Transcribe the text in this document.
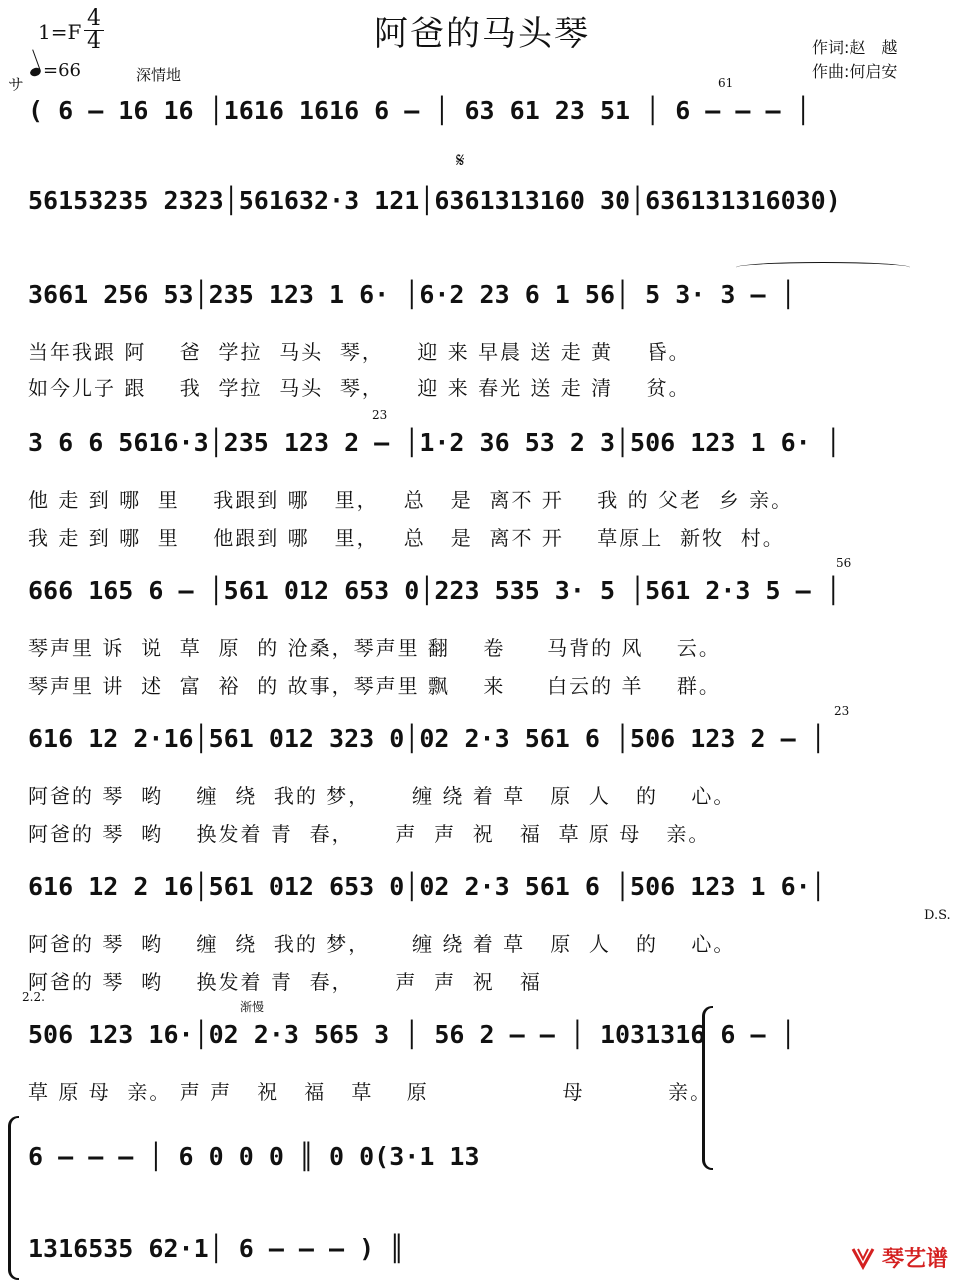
阿爸的马头琴
1=F
4
4
サ
=66	深情地
作词:赵　越
作曲:何启安
( 6 – 16 16 │1616 1616 6 – │ 63 61 23 51 │ 6 – – – │
61
𝄋
56153235 2323│561632·3 121│6361313160 30│636131316030)
3661 256 53│235 123 1 6· │6·2 23 6 1 56│ 5 3· 3 – │
当年我跟 阿    爸  学拉  马头  琴，    迎 来 早晨 送 走 黄    昏。
如今儿子 跟    我  学拉  马头  琴，    迎 来 春光 送 走 清    贫。
3 6 6 5616·3│235 123 2 – │1·2 36 53 2 3│506 123 1 6· │
23
他 走 到 哪  里    我跟到 哪   里，   总   是  离不 开    我 的 父老  乡 亲。
我 走 到 哪  里    他跟到 哪   里，   总   是  离不 开    草原上  新牧  村。
666 165 6 – │561 012 653 0│223 535 3· 5 │561 2·3 5 – │
56
琴声里 诉  说  草  原  的 沧桑，琴声里 翻    卷     马背的 风    云。
琴声里 讲  述  富  裕  的 故事，琴声里 飘    来     白云的 羊    群。
616 12 2·16│561 012 323 0│02 2·3 561 6 │506 123 2 – │
23
阿爸的 琴  哟    缠  绕  我的 梦，     缠 绕 着 草   原  人   的    心。
阿爸的 琴  哟    换发着 青  春，     声  声  祝   福  草 原 母   亲。
616 12 2 16│561 012 653 0│02 2·3 561 6 │506 123 1 6·│
D.S.
阿爸的 琴  哟    缠  绕  我的 梦，     缠 绕 着 草   原  人   的    心。
阿爸的 琴  哟    换发着 青  春，     声  声  祝   福
2.2.
渐慢
506 123 16·│02 2·3 565 3 │ 56 2 – – │ 1031316 6 – │
草 原 母  亲。 声 声   祝   福   草    原                母          亲。
6 – – – │ 6 0 0 0 ║ 0 0(3·1 13
1316535 62·1│ 6 – – – ) ║	琴艺谱
